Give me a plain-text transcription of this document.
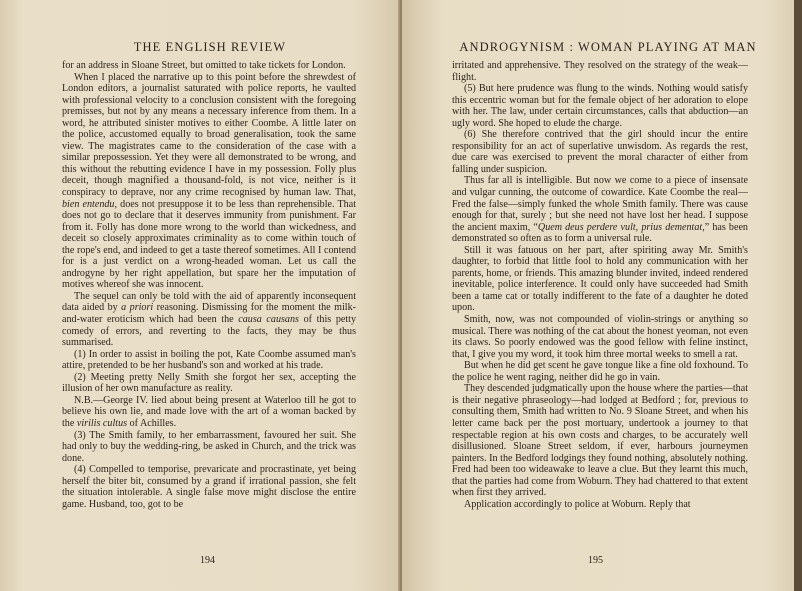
THE ENGLISH REVIEW

for an address in Sloane Street, but omitted to take tickets for London.

When I placed the narrative up to this point before the shrewdest of London editors, a journalist saturated with police reports, he vaulted with professional velocity to a conclusion consistent with the foregoing premisses, but not by any means a necessary inference from them. In a word, he attributed sinister motives to either Coombe. A little later on the police, accustomed equally to broad generalisation, took the same view. The magistrates came to the consideration of the case with a similar prepossession. Yet they were all demonstrated to be wrong, and this without the rebutting evidence I have in my possession. Folly plus deceit, though magnified a thousand-fold, is not vice, neither is it conspiracy to deprave, nor any crime recognised by human law. That, bien entendu, does not presuppose it to be less than reprehensible. That does not go to declare that it deserves immunity from punishment. Far from it. Folly has done more wrong to the world than wickedness, and deceit so closely approximates criminality as to come within touch of the rope's end, and indeed to get a taste thereof sometimes. All I contend for is a just verdict on a wrong-headed woman. Let us call the androgyne by her right appellation, but spare her the imputation of motives whereof she was innocent.

The sequel can only be told with the aid of apparently inconsequent data aided by a priori reasoning. Dismissing for the moment the milk-and-water eroticism which had been the causa causans of this petty comedy of errors, and reverting to the facts, they may be thus summarised.

(1) In order to assist in boiling the pot, Kate Coombe assumed man's attire, pretended to be her husband's son and worked at his trade.

(2) Meeting pretty Nelly Smith she forgot her sex, accepting the illusion of her own manufacture as reality.

N.B.—George IV. lied about being present at Waterloo till he got to believe his own lie, and made love with the art of a woman backed by the virilis cultus of Achilles.

(3) The Smith family, to her embarrassment, favoured her suit. She had only to buy the wedding-ring, be asked in Church, and the trick was done.

(4) Compelled to temporise, prevaricate and procrastinate, yet being herself the biter bit, consumed by a grand if irrational passion, she felt the situation intolerable. A single false move might disclose the entire game. Husband, too, got to be

194
ANDROGYNISM : WOMAN PLAYING AT MAN

irritated and apprehensive. They resolved on the strategy of the weak—flight.

(5) But here prudence was flung to the winds. Nothing would satisfy this eccentric woman but for the female object of her adoration to elope with her. The law, under certain circumstances, calls that abduction—an ugly word. She hoped to elude the charge.

(6) She therefore contrived that the girl should incur the entire responsibility for an act of superlative unwisdom. As regards the rest, due care was exercised to prevent the moral character of either from falling under suspicion.

Thus far all is intelligible. But now we come to a piece of insensate and vulgar cunning, the outcome of cowardice. Kate Coombe the real—Fred the false—simply funked the whole Smith family. There was cause enough for that, surely ; but she need not have lost her head. I suppose the ancient maxim, “Quem deus perdere vult, prius dementat,” has been demonstrated so often as to form a universal rule.

Still it was fatuous on her part, after spiriting away Mr. Smith's daughter, to forbid that little fool to hold any communication with her parents, home, or friends. This amazing blunder invited, indeed rendered inevitable, police interference. It could only have succeeded had Smith been a tame cat or totally indifferent to the fate of a daughter he doted upon.

Smith, now, was not compounded of violin-strings or anything so musical. There was nothing of the cat about the honest yeoman, not even its claws. So poorly endowed was the good fellow with feline instinct, that, I give you my word, it took him three mortal weeks to smell a rat.

But when he did get scent he gave tongue like a fine old foxhound. To the police he went raging, neither did he go in vain.

They descended judgmatically upon the house where the parties—that is their negative phraseology—had lodged at Bedford ; for, previous to consulting them, Smith had written to No. 9 Sloane Street, and when his letter came back per the post mortuary, undertook a journey to that respectable region at his own costs and charges, to be accurately well disillusioned. Sloane Street seldom, if ever, harbours journeymen painters. In the Bedford lodgings they found nothing, absolutely nothing. Fred had been too wideawake to leave a clue. But they learnt this much, that the parties had come from Woburn. They had chattered to that extent when first they arrived.

Application accordingly to police at Woburn. Reply that

195
